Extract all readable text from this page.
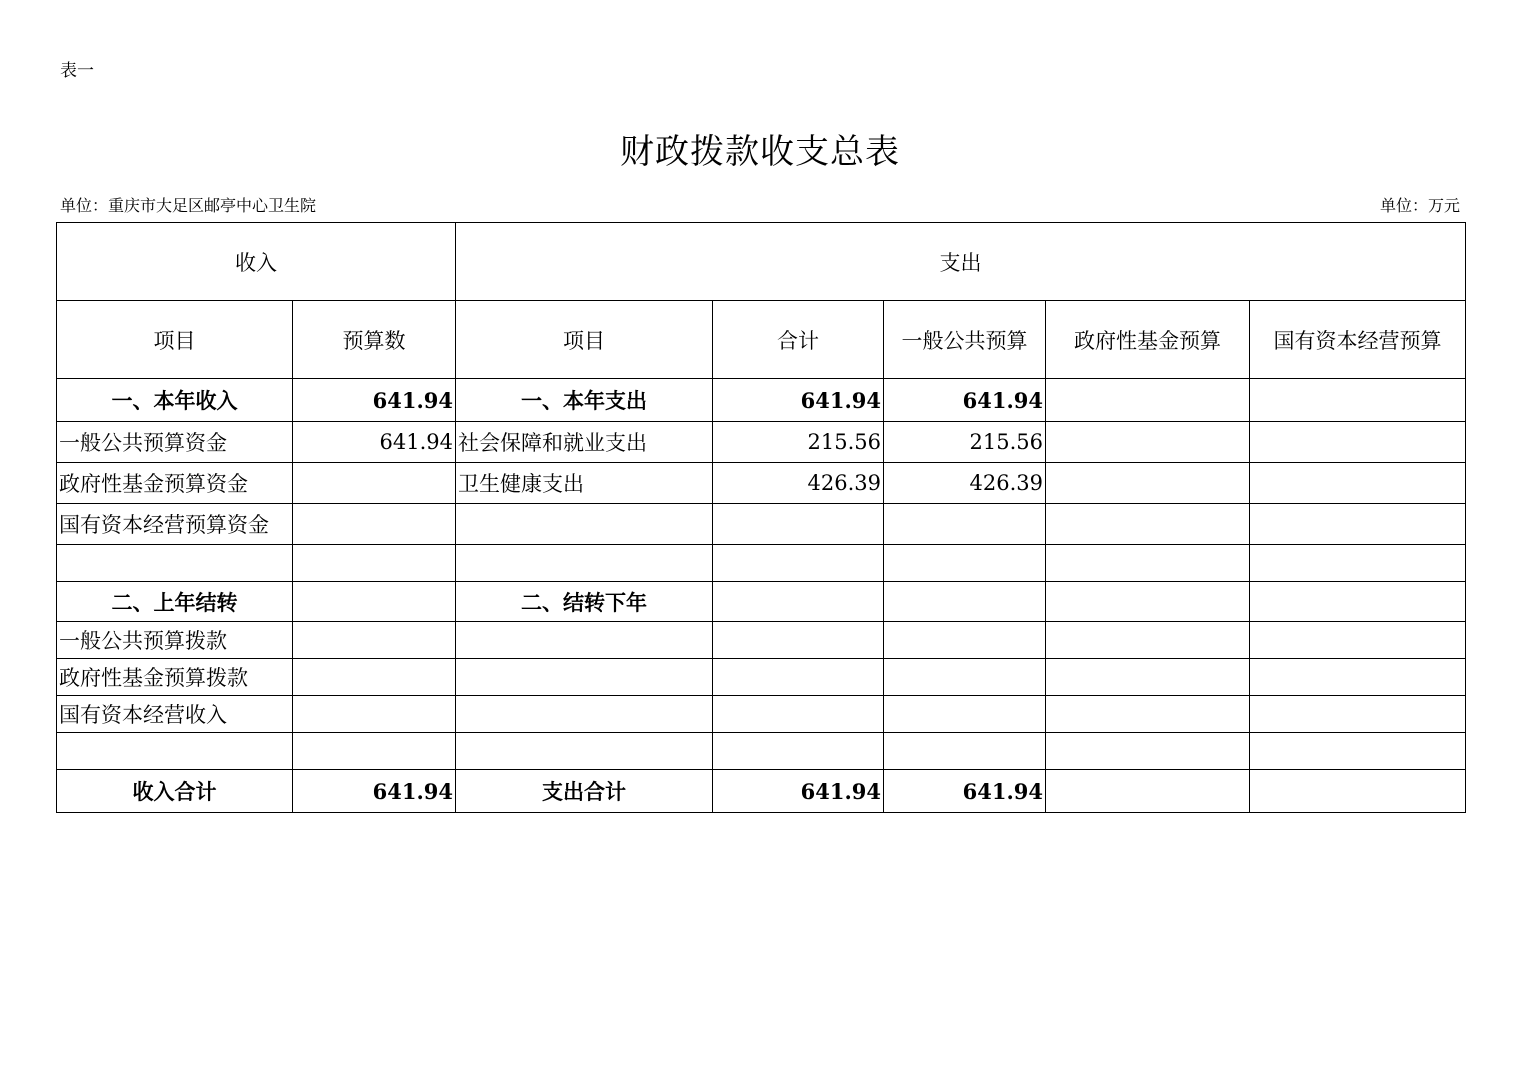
表一
财政拨款收支总表
单位：重庆市大足区邮亭中心卫生院	单位：万元
收入		支出				
项目	预算数	项目	合计	一般公共预算	政府性基金预算	国有资本经营预算
一、本年收入	641.94	一、本年支出	641.94	641.94		
一般公共预算资金	641.94	社会保障和就业支出	215.56	215.56		
政府性基金预算资金		卫生健康支出	426.39	426.39		
国有资本经营预算资金						

二、上年结转		二、结转下年				
一般公共预算拨款						
政府性基金预算拨款						
国有资本经营收入						

收入合计	641.94	支出合计	641.94	641.94		
